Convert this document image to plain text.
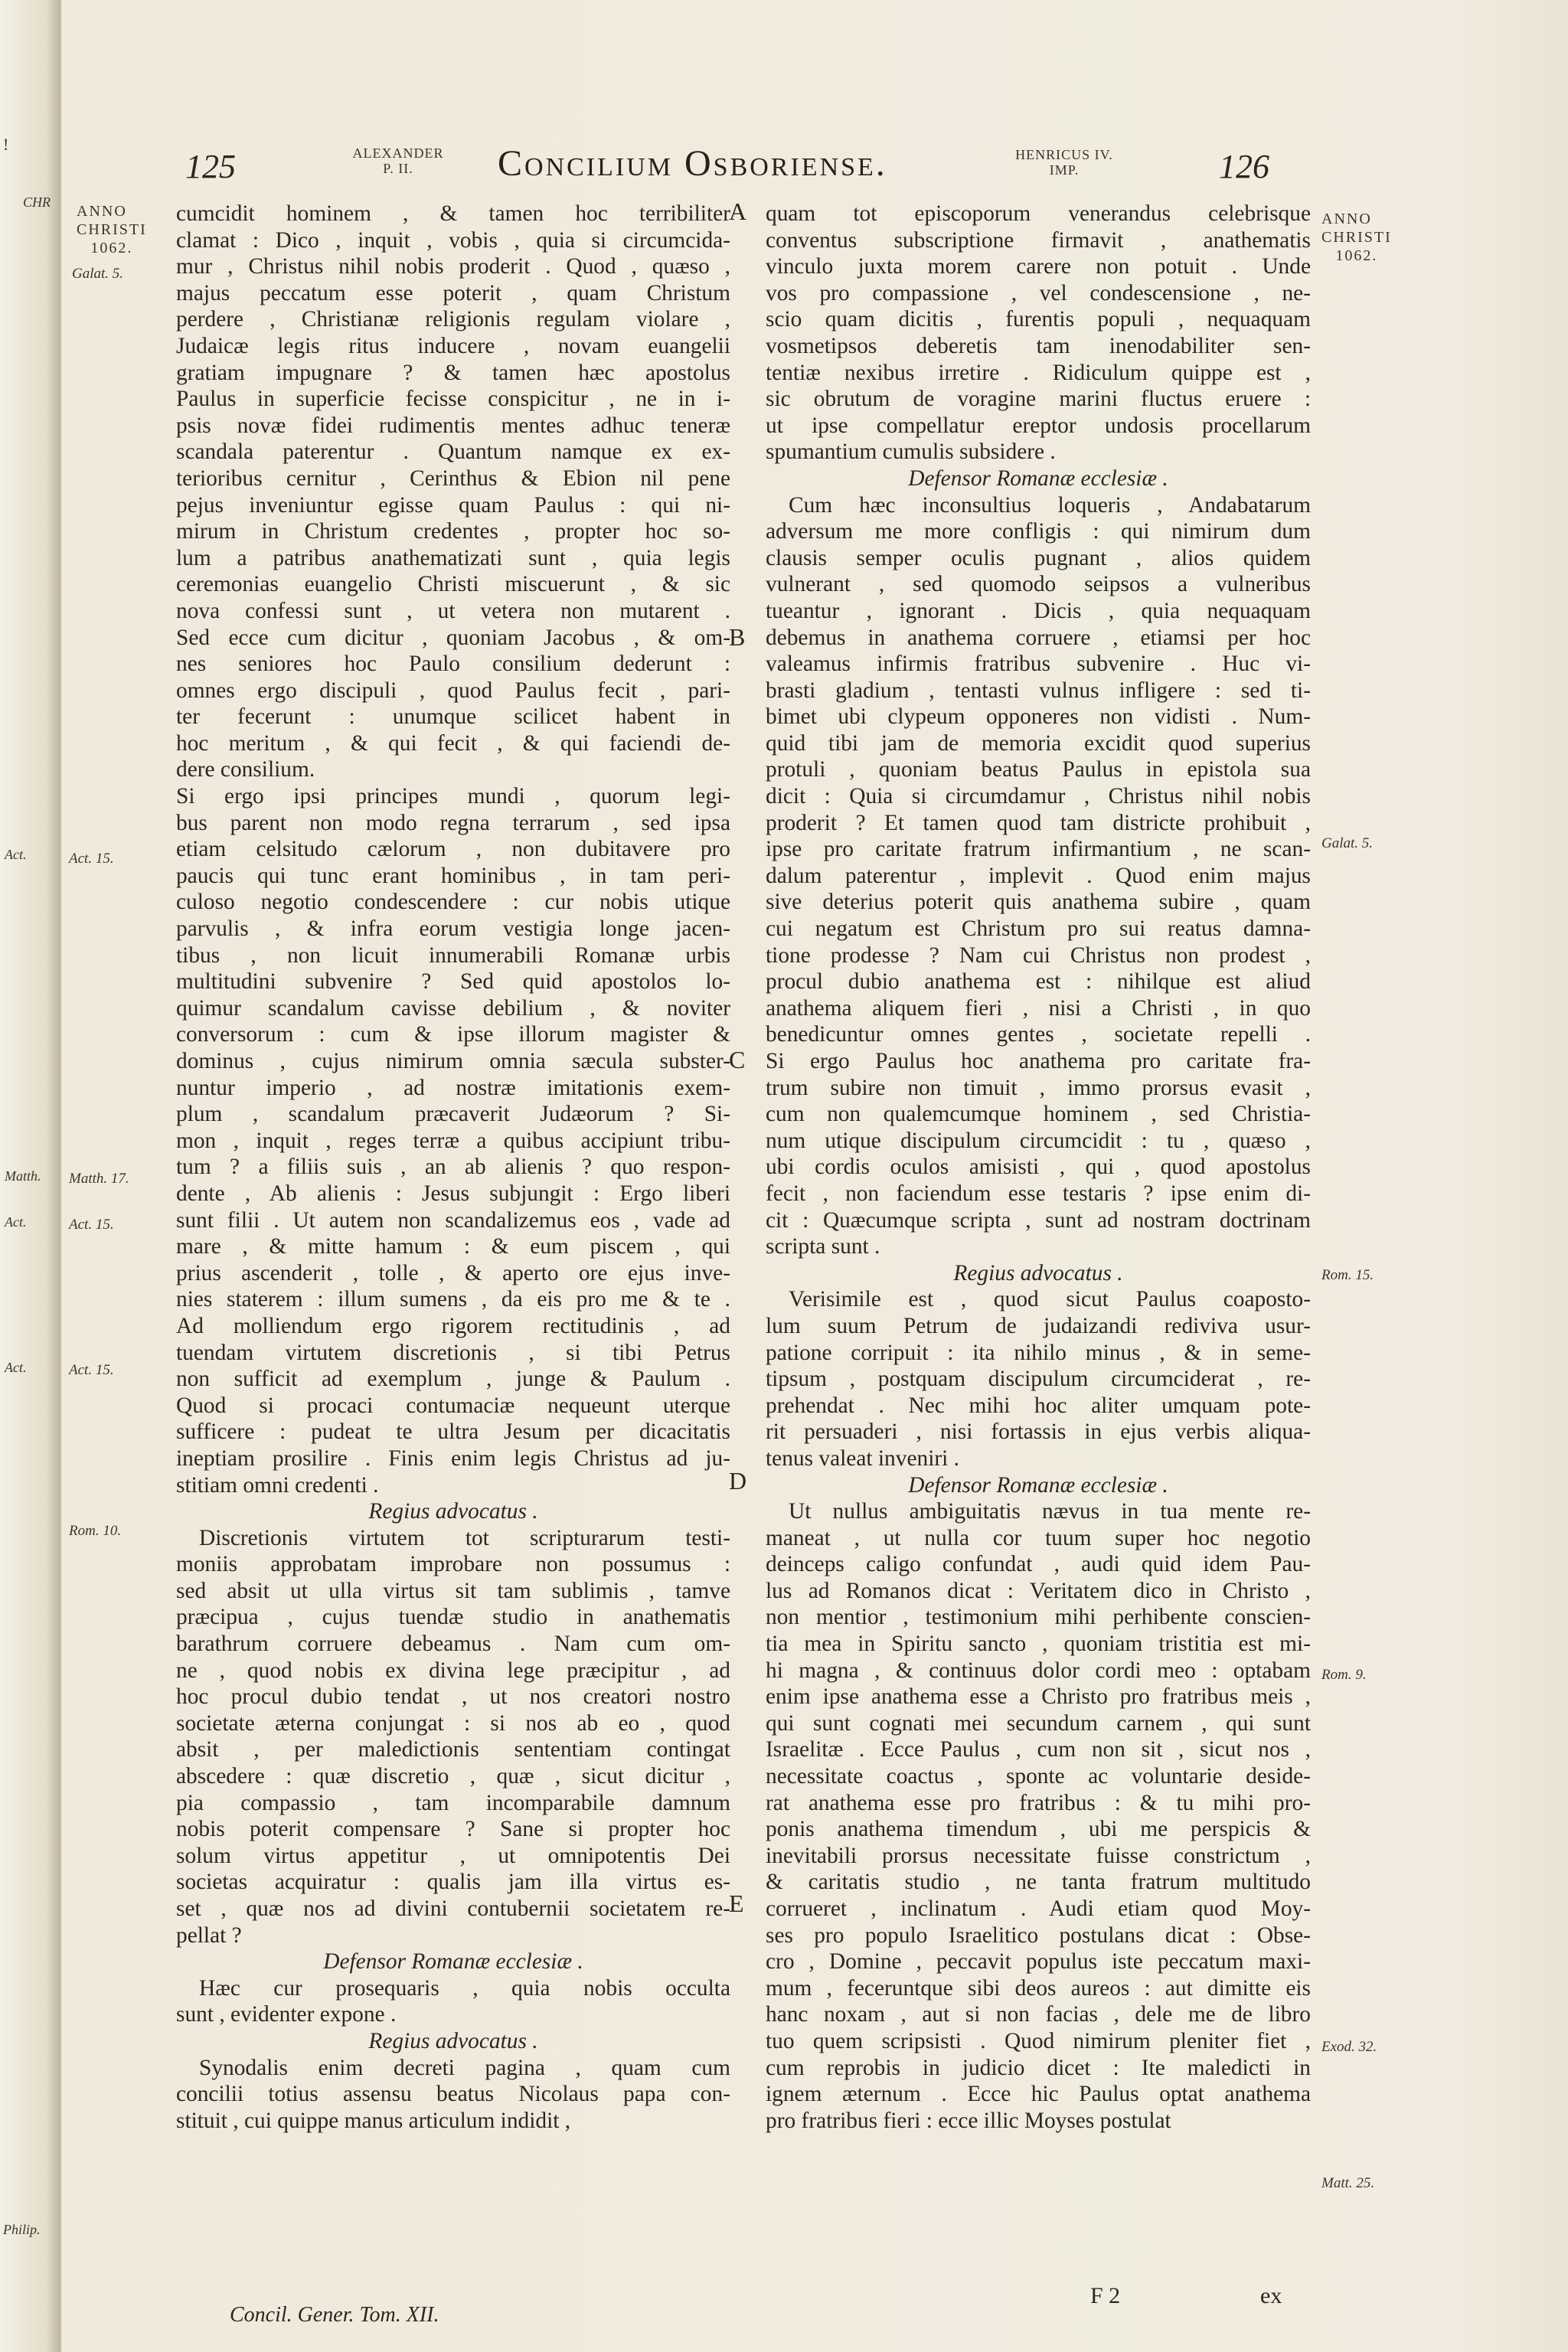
!
CHR
Act.
Matth.
Act.
Act.
Philip.
125	ALEXANDER
P. II.	Concilium Osboriense.	HENRICUS IV.
IMP.	126
ANNO
CHRISTI
1062.
Galat. 5.
Act. 15.
Matth. 17.
Act. 15.
Act. 15.
Rom. 10.
ANNO
CHRISTI
1062.
Galat. 5.
Rom. 15.
Rom. 9.
Exod. 32.
Matt. 25.
A
B
C
D
E
cumcidit hominem , & tamen hoc terribiliter
clamat : Dico , inquit , vobis , quia si circumcida-
mur , Christus nihil nobis proderit . Quod , quæso ,
majus peccatum esse poterit , quam Christum
perdere , Christianæ religionis regulam violare ,
Judaicæ legis ritus inducere , novam euangelii
gratiam impugnare ? & tamen hæc apostolus
Paulus in superficie fecisse conspicitur , ne in i-
psis novæ fidei rudimentis mentes adhuc teneræ
scandala paterentur . Quantum namque ex ex-
terioribus cernitur , Cerinthus & Ebion nil pene
pejus inveniuntur egisse quam Paulus : qui ni-
mirum in Christum credentes , propter hoc so-
lum a patribus anathematizati sunt , quia legis
ceremonias euangelio Christi miscuerunt , & sic
nova confessi sunt , ut vetera non mutarent .
Sed ecce cum dicitur , quoniam Jacobus , & om-
nes seniores hoc Paulo consilium dederunt :
omnes ergo discipuli , quod Paulus fecit , pari-
ter fecerunt : unumque scilicet habent in
hoc meritum , & qui fecit , & qui faciendi de-
dere consilium.
Si ergo ipsi principes mundi , quorum legi-
bus parent non modo regna terrarum , sed ipsa
etiam celsitudo cælorum , non dubitavere pro
paucis qui tunc erant hominibus , in tam peri-
culoso negotio condescendere : cur nobis utique
parvulis , & infra eorum vestigia longe jacen-
tibus , non licuit innumerabili Romanæ urbis
multitudini subvenire ? Sed quid apostolos lo-
quimur scandalum cavisse debilium , & noviter
conversorum : cum & ipse illorum magister &
dominus , cujus nimirum omnia sæcula subster-
nuntur imperio , ad nostræ imitationis exem-
plum , scandalum præcaverit Judæorum ? Si-
mon , inquit , reges terræ a quibus accipiunt tribu-
tum ? a filiis suis , an ab alienis ? quo respon-
dente , Ab alienis : Jesus subjungit : Ergo liberi
sunt filii . Ut autem non scandalizemus eos , vade ad
mare , & mitte hamum : & eum piscem , qui
prius ascenderit , tolle , & aperto ore ejus inve-
nies staterem : illum sumens , da eis pro me & te .
Ad molliendum ergo rigorem rectitudinis , ad
tuendam virtutem discretionis , si tibi Petrus
non sufficit ad exemplum , junge & Paulum .
Quod si procaci contumaciæ nequeunt uterque
sufficere : pudeat te ultra Jesum per dicacitatis
ineptiam prosilire . Finis enim legis Christus ad ju-
stitiam omni credenti .
Regius advocatus .
Discretionis virtutem tot scripturarum testi-
moniis approbatam improbare non possumus :
sed absit ut ulla virtus sit tam sublimis , tamve
præcipua , cujus tuendæ studio in anathematis
barathrum corruere debeamus . Nam cum om-
ne , quod nobis ex divina lege præcipitur , ad
hoc procul dubio tendat , ut nos creatori nostro
societate æterna conjungat : si nos ab eo , quod
absit , per maledictionis sententiam contingat
abscedere : quæ discretio , quæ , sicut dicitur ,
pia compassio , tam incomparabile damnum
nobis poterit compensare ? Sane si propter hoc
solum virtus appetitur , ut omnipotentis Dei
societas acquiratur : qualis jam illa virtus es-
set , quæ nos ad divini contubernii societatem re-
pellat ?
Defensor Romanæ ecclesiæ .
Hæc cur prosequaris , quia nobis occulta
sunt , evidenter expone .
Regius advocatus .
Synodalis enim decreti pagina , quam cum
concilii totius assensu beatus Nicolaus papa con-
stituit , cui quippe manus articulum indidit ,
quam tot episcoporum venerandus celebrisque
conventus subscriptione firmavit , anathematis
vinculo juxta morem carere non potuit . Unde
vos pro compassione , vel condescensione , ne-
scio quam dicitis , furentis populi , nequaquam
vosmetipsos deberetis tam inenodabiliter sen-
tentiæ nexibus irretire . Ridiculum quippe est ,
sic obrutum de voragine marini fluctus eruere :
ut ipse compellatur ereptor undosis procellarum
spumantium cumulis subsidere .
Defensor Romanæ ecclesiæ .
Cum hæc inconsultius loqueris , Andabatarum
adversum me more confligis : qui nimirum dum
clausis semper oculis pugnant , alios quidem
vulnerant , sed quomodo seipsos a vulneribus
tueantur , ignorant . Dicis , quia nequaquam
debemus in anathema corruere , etiamsi per hoc
valeamus infirmis fratribus subvenire . Huc vi-
brasti gladium , tentasti vulnus infligere : sed ti-
bimet ubi clypeum opponeres non vidisti . Num-
quid tibi jam de memoria excidit quod superius
protuli , quoniam beatus Paulus in epistola sua
dicit : Quia si circumdamur , Christus nihil nobis
proderit ? Et tamen quod tam districte prohibuit ,
ipse pro caritate fratrum infirmantium , ne scan-
dalum paterentur , implevit . Quod enim majus
sive deterius poterit quis anathema subire , quam
cui negatum est Christum pro sui reatus damna-
tione prodesse ? Nam cui Christus non prodest ,
procul dubio anathema est : nihilque est aliud
anathema aliquem fieri , nisi a Christi , in quo
benedicuntur omnes gentes , societate repelli .
Si ergo Paulus hoc anathema pro caritate fra-
trum subire non timuit , immo prorsus evasit ,
cum non qualemcumque hominem , sed Christia-
num utique discipulum circumcidit : tu , quæso ,
ubi cordis oculos amisisti , qui , quod apostolus
fecit , non faciendum esse testaris ? ipse enim di-
cit : Quæcumque scripta , sunt ad nostram doctrinam
scripta sunt .
Regius advocatus .
Verisimile est , quod sicut Paulus coaposto-
lum suum Petrum de judaizandi rediviva usur-
patione corripuit : ita nihilo minus , & in seme-
tipsum , postquam discipulum circumciderat , re-
prehendat . Nec mihi hoc aliter umquam pote-
rit persuaderi , nisi fortassis in ejus verbis aliqua-
tenus valeat inveniri .
Defensor Romanæ ecclesiæ .
Ut nullus ambiguitatis nævus in tua mente re-
maneat , ut nulla cor tuum super hoc negotio
deinceps caligo confundat , audi quid idem Pau-
lus ad Romanos dicat : Veritatem dico in Christo ,
non mentior , testimonium mihi perhibente conscien-
tia mea in Spiritu sancto , quoniam tristitia est mi-
hi magna , & continuus dolor cordi meo : optabam
enim ipse anathema esse a Christo pro fratribus meis ,
qui sunt cognati mei secundum carnem , qui sunt
Israelitæ . Ecce Paulus , cum non sit , sicut nos ,
necessitate coactus , sponte ac voluntarie deside-
rat anathema esse pro fratribus : & tu mihi pro-
ponis anathema timendum , ubi me perspicis &
inevitabili prorsus necessitate fuisse constrictum ,
& caritatis studio , ne tanta fratrum multitudo
corrueret , inclinatum . Audi etiam quod Moy-
ses pro populo Israelitico postulans dicat : Obse-
cro , Domine , peccavit populus iste peccatum maxi-
mum , feceruntque sibi deos aureos : aut dimitte eis
hanc noxam , aut si non facias , dele me de libro
tuo quem scripsisti . Quod nimirum pleniter fiet ,
cum reprobis in judicio dicet : Ite maledicti in
ignem æternum . Ecce hic Paulus optat anathema
pro fratribus fieri : ecce illic Moyses postulat
Concil. Gener. Tom. XII.
F 2	ex
